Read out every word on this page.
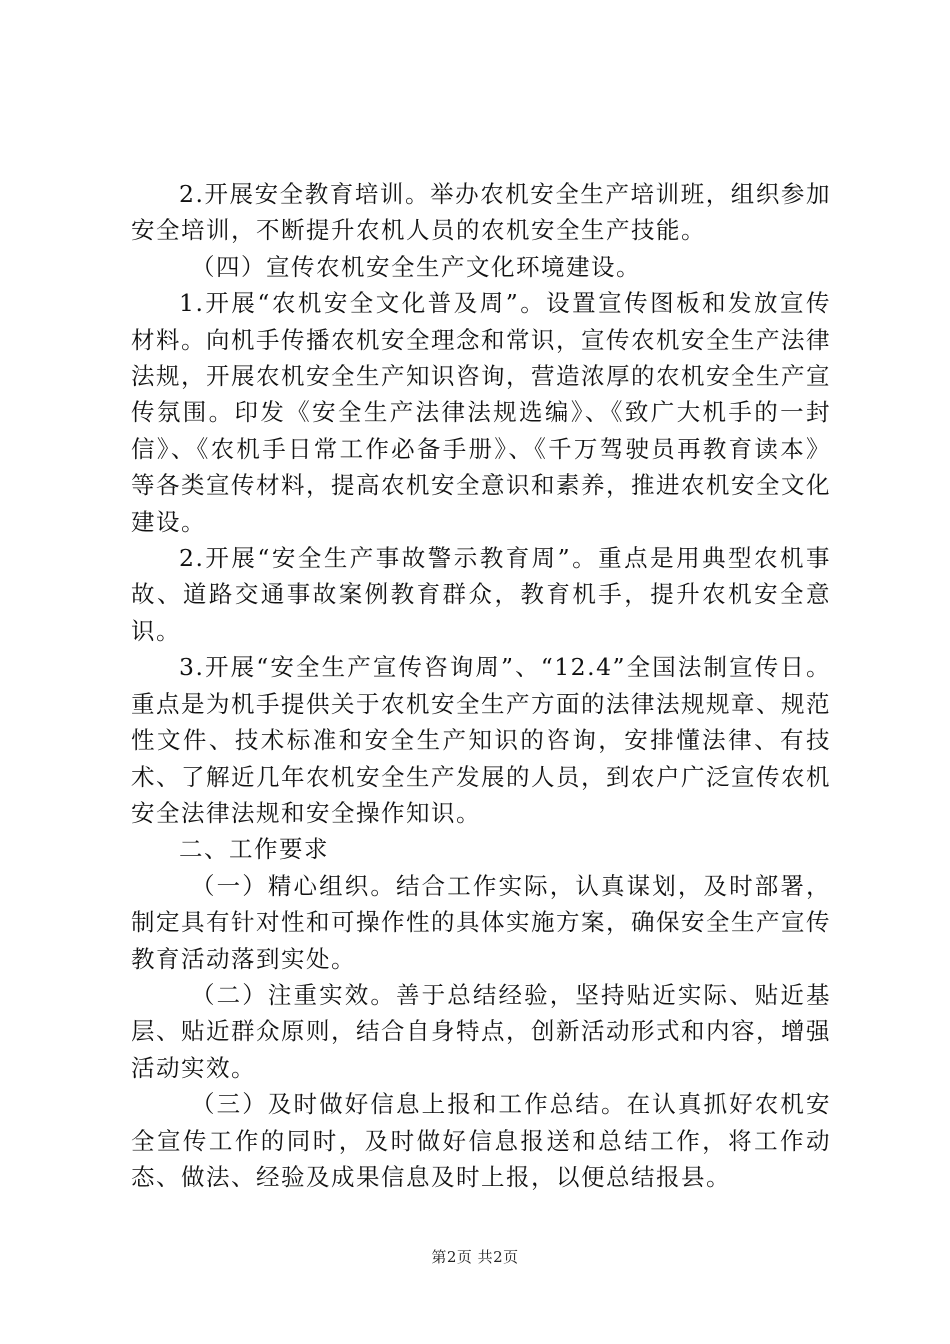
2.开展安全教育培训。举办农机安全生产培训班，组织参加安全培训，不断提升农机人员的农机安全生产技能。

（四）宣传农机安全生产文化环境建设。

1.开展“农机安全文化普及周”。设置宣传图板和发放宣传材料。向机手传播农机安全理念和常识，宣传农机安全生产法律法规，开展农机安全生产知识咨询，营造浓厚的农机安全生产宣传氛围。印发《安全生产法律法规选编》、《致广大机手的一封信》、《农机手日常工作必备手册》、《千万驾驶员再教育读本》等各类宣传材料，提高农机安全意识和素养，推进农机安全文化建设。

2.开展“安全生产事故警示教育周”。重点是用典型农机事故、道路交通事故案例教育群众，教育机手，提升农机安全意识。

3.开展“安全生产宣传咨询周”、“12.4”全国法制宣传日。重点是为机手提供关于农机安全生产方面的法律法规规章、规范性文件、技术标准和安全生产知识的咨询，安排懂法律、有技术、了解近几年农机安全生产发展的人员，到农户广泛宣传农机安全法律法规和安全操作知识。

二、工作要求

（一）精心组织。结合工作实际，认真谋划，及时部署，制定具有针对性和可操作性的具体实施方案，确保安全生产宣传教育活动落到实处。

（二）注重实效。善于总结经验，坚持贴近实际、贴近基层、贴近群众原则，结合自身特点，创新活动形式和内容，增强活动实效。

（三）及时做好信息上报和工作总结。在认真抓好农机安全宣传工作的同时，及时做好信息报送和总结工作，将工作动态、做法、经验及成果信息及时上报，以便总结报县。

第2页 共2页
